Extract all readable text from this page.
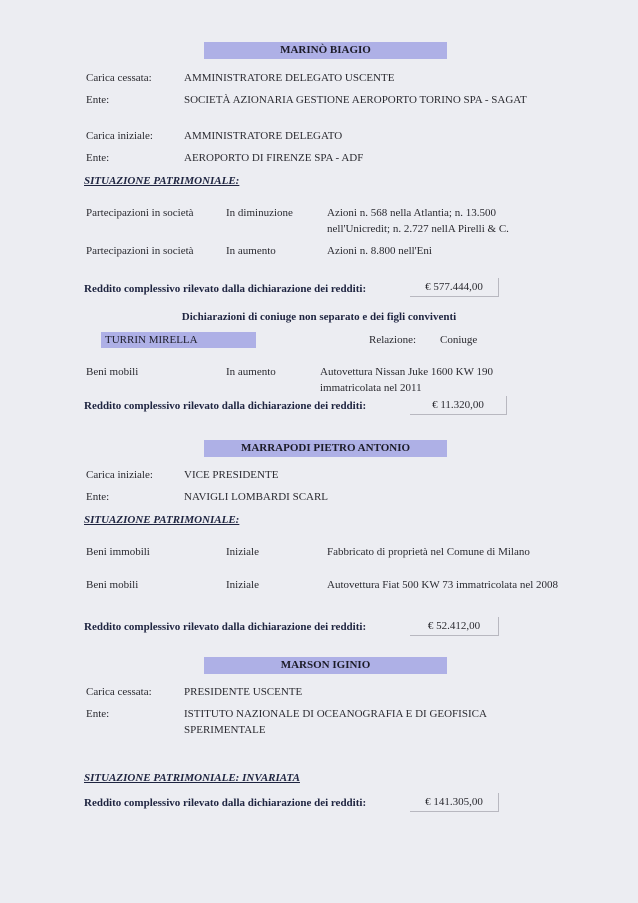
MARINÒ BIAGIO
Carica cessata:	AMMINISTRATORE DELEGATO USCENTE
Ente:	SOCIETÀ AZIONARIA GESTIONE AEROPORTO TORINO SPA - SAGAT
Carica iniziale:	AMMINISTRATORE DELEGATO
Ente:	AEROPORTO DI FIRENZE SPA - ADF
SITUAZIONE PATRIMONIALE:
Partecipazioni in società	In diminuzione	Azioni n. 568 nella Atlantia; n. 13.500 nell'Unicredit; n. 2.727 nellA Pirelli & C.
Partecipazioni in società	In aumento	Azioni n. 8.800 nell'Eni
Reddito complessivo rilevato dalla dichiarazione dei redditi:	€ 577.444,00
Dichiarazioni di coniuge non separato e dei figli conviventi
TURRIN MIRELLA	Relazione: Coniuge
Beni mobili	In aumento	Autovettura Nissan Juke 1600 KW 190 immatricolata nel 2011
Reddito complessivo rilevato dalla dichiarazione dei redditi:	€ 11.320,00
MARRAPODI PIETRO ANTONIO
Carica iniziale:	VICE PRESIDENTE
Ente:	NAVIGLI LOMBARDI SCARL
SITUAZIONE PATRIMONIALE:
Beni immobili	Iniziale	Fabbricato di proprietà nel Comune di Milano
Beni mobili	Iniziale	Autovettura Fiat 500 KW 73 immatricolata nel 2008
Reddito complessivo rilevato dalla dichiarazione dei redditi:	€ 52.412,00
MARSON IGINIO
Carica cessata:	PRESIDENTE USCENTE
Ente:	ISTITUTO NAZIONALE DI OCEANOGRAFIA E DI GEOFISICA SPERIMENTALE
SITUAZIONE PATRIMONIALE: INVARIATA
Reddito complessivo rilevato dalla dichiarazione dei redditi:	€ 141.305,00
